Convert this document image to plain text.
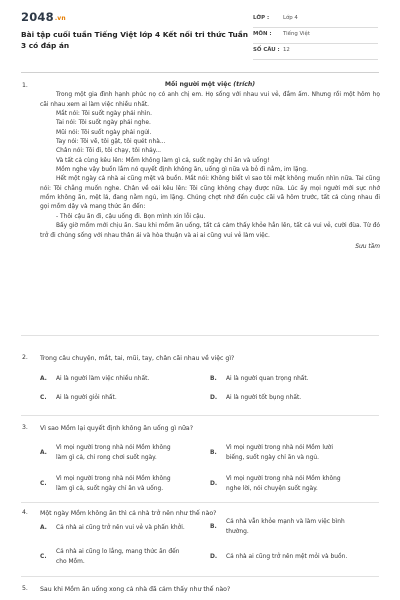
2048.vn
Bài tập cuối tuần Tiếng Việt lớp 4 Kết nối tri thức Tuần 3 có đáp án
LỚP :	Lớp 4
MÔN : Tiếng Việt
SỐ CÂU : 12
1.	Mồi người một việc (trích)
Trong một gia đình hạnh phúc nọ có anh chị em. Họ sống với nhau vui vẻ, đầm ấm. Nhưng rồi một hôm họ cãi nhau xem ai làm việc nhiều nhất.
Mắt nói: Tôi suốt ngày phải nhìn.
Tai nói: Tôi suốt ngày phải nghe.
Mũi nói: Tôi suốt ngày phải ngửi.
Tay nói: Tôi vẽ, tôi gặt, tôi quét nhà...
Chân nói: Tôi đi, tôi chạy, tôi nhảy...
Và tất cả cùng kêu lên: Mồm không làm gì cả, suốt ngày chỉ ăn và uống!
Mồm nghe vậy buồn lắm nó quyết định không ăn, uống gì nữa và bỏ đi nằm, im lặng.
Hết một ngày cả nhà ai cũng mệt và buồn. Mắt nói: Không biết vì sao tôi mệt không muốn nhìn nữa. Tai cũng nói: Tôi chẳng muốn nghe. Chân về oải kêu lên: Tôi cũng không chạy được nữa. Lúc ấy mọi người mới sực nhớ mồm không ăn, mệt lả, đang nằm ngủ, im lặng. Chúng chợt nhớ đến cuộc cãi vã hôm trước, tất cả cùng nhau đi gọi mồm dậy và mang thức ăn đến:
- Thôi cậu ăn đi, cậu uống đi. Bọn mình xin lỗi cậu.
Bấy giờ mồm mới chịu ăn. Sau khi mồm ăn uống, tất cả cảm thấy khỏe hẳn lên, tất cả vui vẻ, cười đùa. Từ đó trở đi chúng sống với nhau thân ái và hòa thuận và ai ai cũng vui vẻ làm việc.
Sưu tầm
2. Trong câu chuyện, mắt, tai, mũi, tay, chân cãi nhau về việc gì?
A. Ai là người làm việc nhiều nhất.	B. Ai là người quan trọng nhất.
C. Ai là người giỏi nhất.	D. Ai là người tốt bụng nhất.
3. Vì sao Mồm lại quyết định không ăn uống gì nữa?
A.
Vì mọi người trong nhà nói Mồm không
làm gì cả, chỉ rong chơi suốt ngày.
B.
Vì mọi người trong nhà nói Mồm lười
biếng, suốt ngày chỉ ăn và ngủ.
C.
Vì mọi người trong nhà nói Mồm không
làm gì cả, suốt ngày chỉ ăn và uống.
D.
Vì mọi người trong nhà nói Mồm không
nghe lời, nói chuyện suốt ngày.
4. Một ngày Mồm không ăn thì cả nhà trở nên như thế nào?
A. Cả nhà ai cũng trở nên vui vẻ và phấn khởi.	B.
Cả nhà vẫn khỏe mạnh và làm việc bình
thường.
C.
Cả nhà ai cũng lo lắng, mang thức ăn đến
cho Mồm.
D. Cả nhà ai cũng trở nên mệt mỏi và buồn.
5. Sau khi Mồm ăn uống xong cả nhà đã cảm thấy như thế nào?
